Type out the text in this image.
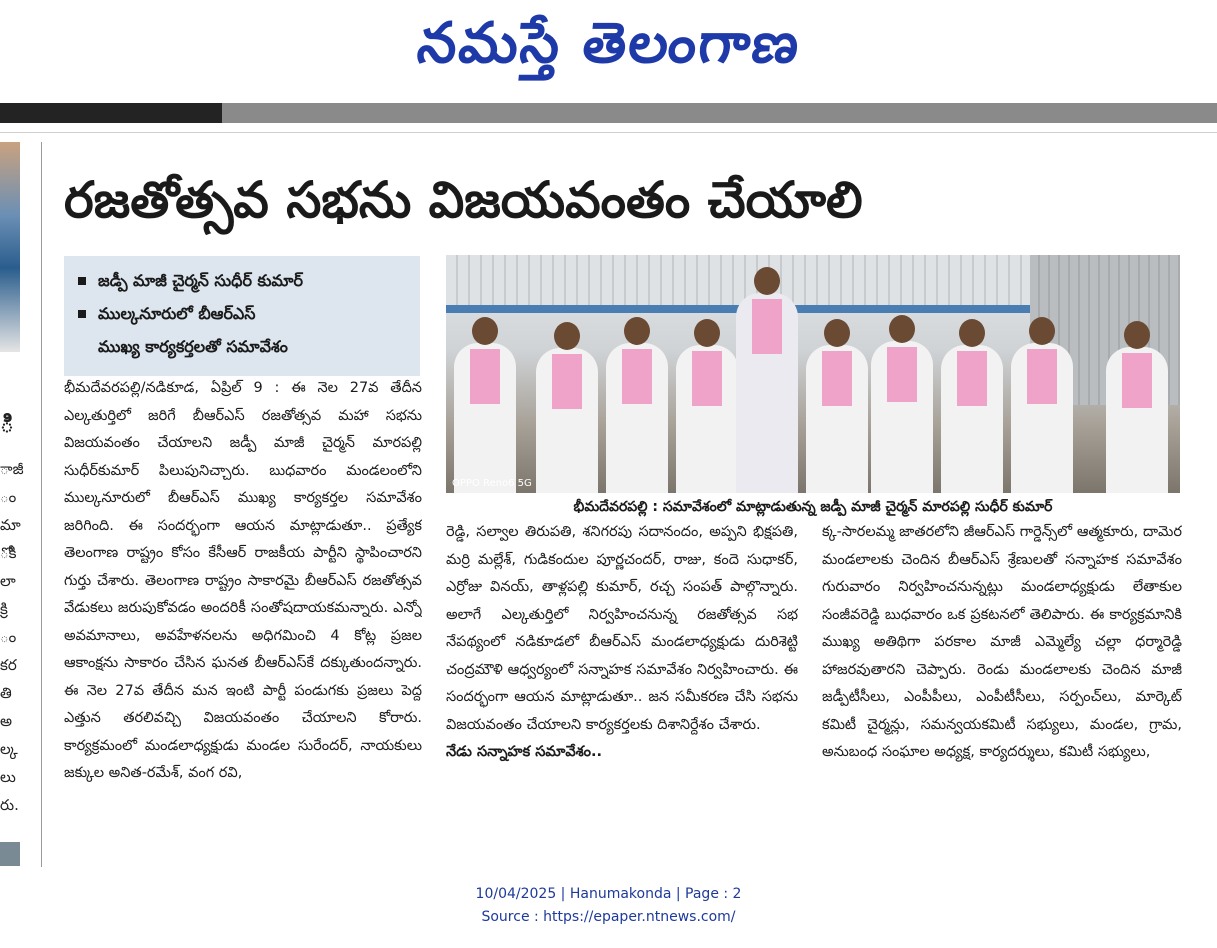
నమస్తే తెలంగాణ
ి
ాజీ
ం
మా
ోకి
లా
క్రి
ం
కర
తి
అ
ల్క
లు
రు.
రజతోత్సవ సభను విజయవంతం చేయాలి
జడ్పీ మాజీ చైర్మన్ సుధీర్ కుమార్
ముల్కనూరులో బీఆర్ఎస్
ముఖ్య కార్యకర్తలతో సమావేశం

భీమదేవరపల్లి/నడికూడ, ఏప్రిల్ 9 : ఈ నెల 27వ తేదీన ఎల్కతుర్తిలో జరిగే బీఆర్ఎస్ రజతోత్సవ మహా సభను విజయవంతం చేయాలని జడ్పీ మాజీ చైర్మన్ మారపల్లి సుధీర్‌కుమార్ పిలుపునిచ్చారు. బుధవారం మండలంలోని ముల్కనూరులో బీఆర్ఎస్ ముఖ్య కార్యకర్తల సమావేశం జరిగింది. ఈ సందర్భంగా ఆయన మాట్లాడుతూ.. ప్రత్యేక తెలంగాణ రాష్ట్రం కోసం కేసీఆర్ రాజకీయ పార్టీని స్థాపించారని గుర్తు చేశారు. తెలంగాణ రాష్ట్రం సాకారమై బీఆర్ఎస్ రజతోత్సవ వేడుకలు జరుపుకోవడం అందరికీ సంతోషదాయకమన్నారు. ఎన్నో అవమానాలు, అవహేళనలను అధిగమించి 4 కోట్ల ప్రజల ఆకాంక్షను సాకారం చేసిన ఘనత బీఆర్ఎస్‌కే దక్కుతుందన్నారు. ఈ నెల 27వ తేదీన మన ఇంటి పార్టీ పండుగకు ప్రజలు పెద్ద ఎత్తున తరలివచ్చి విజయవంతం చేయాలని కోరారు. కార్యక్రమంలో మండలాధ్యక్షుడు మండల సురేందర్, నాయకులు జక్కుల అనిత-రమేశ్, వంగ రవి,

OPPO Reno6 5G
భీమదేవరపల్లి : సమావేశంలో మాట్లాడుతున్న జడ్పీ మాజీ చైర్మన్ మారపల్లి సుధీర్ కుమార్

రెడ్డి, సల్వాల తిరుపతి, శనిగరపు సదానందం, అప్పని భిక్షపతి, మర్రి మల్లేశ్, గుడికందుల పూర్ణచందర్, రాజు, కందె సుధాకర్, ఎర్రోజు వినయ్, తాళ్లపల్లి కుమార్, రచ్చ సంపత్ పాల్గొన్నారు. అలాగే ఎల్కతుర్తిలో నిర్వహించనున్న రజతోత్సవ సభ నేపథ్యంలో నడికూడలో బీఆర్ఎస్ మండలాధ్యక్షుడు దురిశెట్టి చంద్రమౌళి ఆధ్వర్యంలో సన్నాహక సమావేశం నిర్వహించారు. ఈ సందర్భంగా ఆయన మాట్లాడుతూ.. జన సమీకరణ చేసి సభను విజయవంతం చేయాలని కార్యకర్తలకు దిశానిర్దేశం చేశారు.

నేడు సన్నాహక సమావేశం..

క్క-సారలమ్మ జాతరలోని జీఆర్ఎస్ గార్డెన్స్‌లో ఆత్మకూరు, దామెర మండలాలకు చెందిన బీఆర్ఎస్ శ్రేణులతో సన్నాహక సమావేశం గురువారం నిర్వహించనున్నట్లు మండలాధ్యక్షుడు లేతాకుల సంజీవరెడ్డి బుధవారం ఒక ప్రకటనలో తెలిపారు. ఈ కార్యక్రమానికి ముఖ్య అతిథిగా పరకాల మాజీ ఎమ్మెల్యే చల్లా ధర్మారెడ్డి హాజరవుతారని చెప్పారు. రెండు మండలాలకు చెందిన మాజీ జడ్పీటీసీలు, ఎంపీపీలు, ఎంపీటీసీలు, సర్పంచ్‌లు, మార్కెట్ కమిటీ చైర్మన్లు, సమన్వయకమిటీ సభ్యులు, మండల, గ్రామ, అనుబంధ సంఘాల అధ్యక్ష, కార్యదర్శులు, కమిటీ సభ్యులు,

10/04/2025 | Hanumakonda | Page : 2
Source : https://epaper.ntnews.com/
